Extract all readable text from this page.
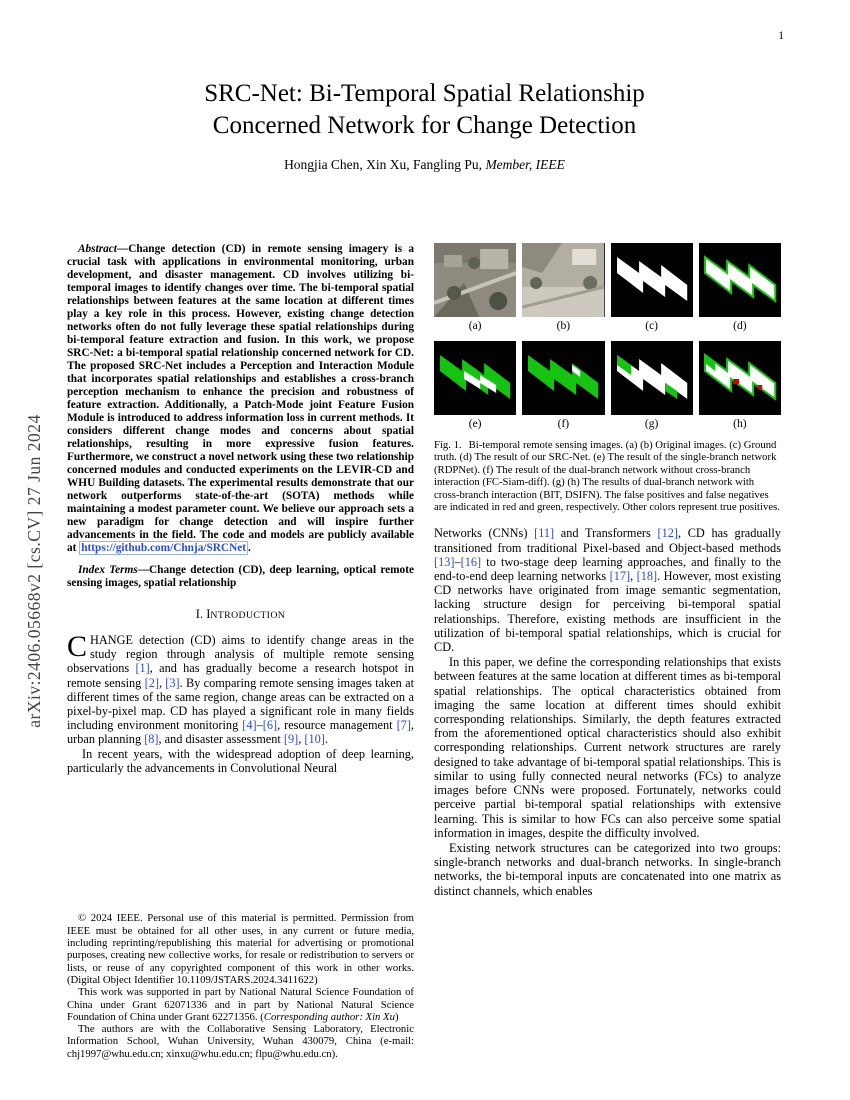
1
arXiv:2406.05668v2 [cs.CV] 27 Jun 2024
SRC-Net: Bi-Temporal Spatial Relationship
Concerned Network for Change Detection
Hongjia Chen, Xin Xu, Fangling Pu, Member, IEEE

Abstract—Change detection (CD) in remote sensing imagery is a crucial task with applications in environmental monitoring, urban development, and disaster management. CD involves utilizing bi-temporal images to identify changes over time. The bi-temporal spatial relationships between features at the same location at different times play a key role in this process. However, existing change detection networks often do not fully leverage these spatial relationships during bi-temporal feature extraction and fusion. In this work, we propose SRC-Net: a bi-temporal spatial relationship concerned network for CD. The proposed SRC-Net includes a Perception and Interaction Module that incorporates spatial relationships and establishes a cross-branch perception mechanism to enhance the precision and robustness of feature extraction. Additionally, a Patch-Mode joint Feature Fusion Module is introduced to address information loss in current methods. It considers different change modes and concerns about spatial relationships, resulting in more expressive fusion features. Furthermore, we construct a novel network using these two relationship concerned modules and conducted experiments on the LEVIR-CD and WHU Building datasets. The experimental results demonstrate that our network outperforms state-of-the-art (SOTA) methods while maintaining a modest parameter count. We believe our approach sets a new paradigm for change detection and will inspire further advancements in the field. The code and models are publicly available at https://github.com/Chnja/SRCNet .

Index Terms—Change detection (CD), deep learning, optical remote sensing images, spatial relationship

I. INTRODUCTION

CHANGE detection (CD) aims to identify change areas in the study region through analysis of multiple remote sensing observations [1], and has gradually become a research hotspot in remote sensing [2], [3]. By comparing remote sensing images taken at different times of the same region, change areas can be extracted on a pixel-by-pixel map. CD has played a significant role in many fields including environment monitoring [4]–[6], resource management [7], urban planning [8], and disaster assessment [9], [10].

In recent years, with the widespread adoption of deep learning, particularly the advancements in Convolutional Neural

© 2024 IEEE. Personal use of this material is permitted. Permission from IEEE must be obtained for all other uses, in any current or future media, including reprinting/republishing this material for advertising or promotional purposes, creating new collective works, for resale or redistribution to servers or lists, or reuse of any copyrighted component of this work in other works. (Digital Object Identifier 10.1109/JSTARS.2024.3411622)

This work was supported in part by National Natural Science Foundation of China under Grant 62071336 and in part by National Natural Science Foundation of China under Grant 62271356. (Corresponding author: Xin Xu)

The authors are with the Collaborative Sensing Laboratory, Electronic Information School, Wuhan University, Wuhan 430079, China (e-mail: chj1997@whu.edu.cn; xinxu@whu.edu.cn; flpu@whu.edu.cn).

(a)	(b)	(c)	(d)
(e)	(f)	(g)	(h)
Fig. 1. Bi-temporal remote sensing images. (a) (b) Original images. (c) Ground truth. (d) The result of our SRC-Net. (e) The result of the single-branch network (RDPNet). (f) The result of the dual-branch network without cross-branch interaction (FC-Siam-diff). (g) (h) The results of dual-branch network with cross-branch interaction (BIT, DSIFN). The false positives and false negatives are indicated in red and green, respectively. Other colors represent true positives.

Networks (CNNs) [11] and Transformers [12], CD has gradually transitioned from traditional Pixel-based and Object-based methods [13]–[16] to two-stage deep learning approaches, and finally to the end-to-end deep learning networks [17], [18]. However, most existing CD networks have originated from image semantic segmentation, lacking structure design for perceiving bi-temporal spatial relationships. Therefore, existing methods are insufficient in the utilization of bi-temporal spatial relationships, which is crucial for CD.

In this paper, we define the corresponding relationships that exists between features at the same location at different times as bi-temporal spatial relationships. The optical characteristics obtained from imaging the same location at different times should exhibit corresponding relationships. Similarly, the depth features extracted from the aforementioned optical characteristics should also exhibit corresponding relationships. Current network structures are rarely designed to take advantage of bi-temporal spatial relationships. This is similar to using fully connected neural networks (FCs) to analyze images before CNNs were proposed. Fortunately, networks could perceive partial bi-temporal spatial relationships with extensive learning. This is similar to how FCs can also perceive some spatial information in images, despite the difficulty involved.

Existing network structures can be categorized into two groups: single-branch networks and dual-branch networks. In single-branch networks, the bi-temporal inputs are concatenated into one matrix as distinct channels, which enables
